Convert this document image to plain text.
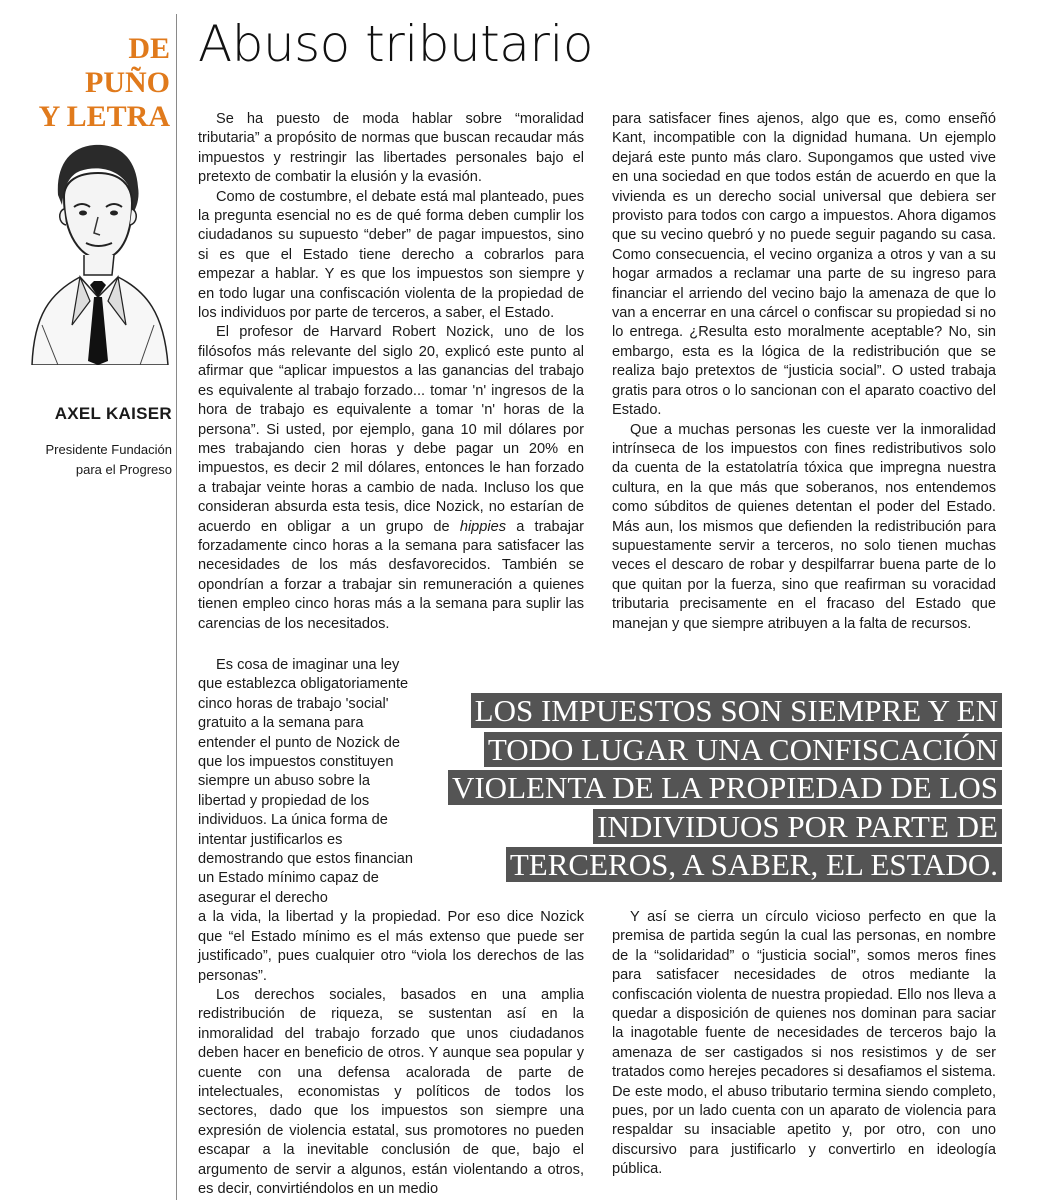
DE
PUÑO
Y LETRA
AXEL KAISER
Presidente Fundación
para el Progreso
Abuso tributario

Se ha puesto de moda hablar sobre “moralidad tributaria” a propósito de normas que buscan recaudar más impuestos y restringir las libertades personales bajo el pretexto de combatir la elusión y la evasión.

Como de costumbre, el debate está mal planteado, pues la pregunta esencial no es de qué forma deben cumplir los ciudadanos su supuesto “deber” de pagar impuestos, sino si es que el Estado tiene derecho a cobrarlos para empezar a hablar. Y es que los impuestos son siempre y en todo lugar una confiscación violenta de la propiedad de los individuos por parte de terceros, a saber, el Estado.

El profesor de Harvard Robert Nozick, uno de los filósofos más relevante del siglo 20, explicó este punto al afirmar que “aplicar impuestos a las ganancias del trabajo es equivalente al trabajo forzado... tomar 'n' ingresos de la hora de trabajo es equivalente a tomar 'n' horas de la persona”. Si usted, por ejemplo, gana 10 mil dólares por mes trabajando cien horas y debe pagar un 20% en impuestos, es decir 2 mil dólares, entonces le han forzado a trabajar veinte horas a cambio de nada. Incluso los que consideran absurda esta tesis, dice Nozick, no estarían de acuerdo en obligar a un grupo de hippies a trabajar forzadamente cinco horas a la semana para satisfacer las necesidades de los más desfavorecidos. También se opondrían a forzar a trabajar sin remuneración a quienes tienen empleo cinco horas más a la semana para suplir las carencias de los necesitados.

Es cosa de imaginar una ley que establezca obligatoriamente cinco horas de trabajo 'social' gratuito a la semana para entender el punto de Nozick de que los impuestos constituyen siempre un abuso sobre la libertad y propiedad de los individuos. La única forma de intentar justificarlos es demostrando que estos financian un Estado mínimo capaz de asegurar el derecho

a la vida, la libertad y la propiedad. Por eso dice Nozick que “el Estado mínimo es el más extenso que puede ser justificado”, pues cualquier otro “viola los derechos de las personas”.

Los derechos sociales, basados en una amplia redistribución de riqueza, se sustentan así en la inmoralidad del trabajo forzado que unos ciudadanos deben hacer en beneficio de otros. Y aunque sea popular y cuente con una defensa acalorada de parte de intelectuales, economistas y políticos de todos los sectores, dado que los impuestos son siempre una expresión de violencia estatal, sus promotores no pueden escapar a la inevitable conclusión de que, bajo el argumento de servir a algunos, están violentando a otros, es decir, convirtiéndolos en un medio

para satisfacer fines ajenos, algo que es, como enseñó Kant, incompatible con la dignidad humana. Un ejemplo dejará este punto más claro. Supongamos que usted vive en una sociedad en que todos están de acuerdo en que la vivienda es un derecho social universal que debiera ser provisto para todos con cargo a impuestos. Ahora digamos que su vecino quebró y no puede seguir pagando su casa. Como consecuencia, el vecino organiza a otros y van a su hogar armados a reclamar una parte de su ingreso para financiar el arriendo del vecino bajo la amenaza de que lo van a encerrar en una cárcel o confiscar su propiedad si no lo entrega. ¿Resulta esto moralmente aceptable? No, sin embargo, esta es la lógica de la redistribución que se realiza bajo pretextos de “justicia social”. O usted trabaja gratis para otros o lo sancionan con el aparato coactivo del Estado.

Que a muchas personas les cueste ver la inmoralidad intrínseca de los impuestos con fines redistributivos solo da cuenta de la estatolatría tóxica que impregna nuestra cultura, en la que más que soberanos, nos entendemos como súbditos de quienes detentan el poder del Estado. Más aun, los mismos que defienden la redistribución para supuestamente servir a terceros, no solo tienen muchas veces el descaro de robar y despilfarrar buena parte de lo que quitan por la fuerza, sino que reafirman su voracidad tributaria precisamente en el fracaso del Estado que manejan y que siempre atribuyen a la falta de recursos.

LOS IMPUESTOS SON SIEMPRE Y EN
TODO LUGAR UNA CONFISCACIÓN
VIOLENTA DE LA PROPIEDAD DE LOS
INDIVIDUOS POR PARTE DE
TERCEROS, A SABER, EL ESTADO.

Y así se cierra un círculo vicioso perfecto en que la premisa de partida según la cual las personas, en nombre de la “solidaridad” o “justicia social”, somos meros fines para satisfacer necesidades de otros mediante la confiscación violenta de nuestra propiedad. Ello nos lleva a quedar a disposición de quienes nos dominan para saciar la inagotable fuente de necesidades de terceros bajo la amenaza de ser castigados si nos resistimos y de ser tratados como herejes pecadores si desafiamos el sistema. De este modo, el abuso tributario termina siendo completo, pues, por un lado cuenta con un aparato de violencia para respaldar su insaciable apetito y, por otro, con uno discursivo para justificarlo y convertirlo en ideología pública.
